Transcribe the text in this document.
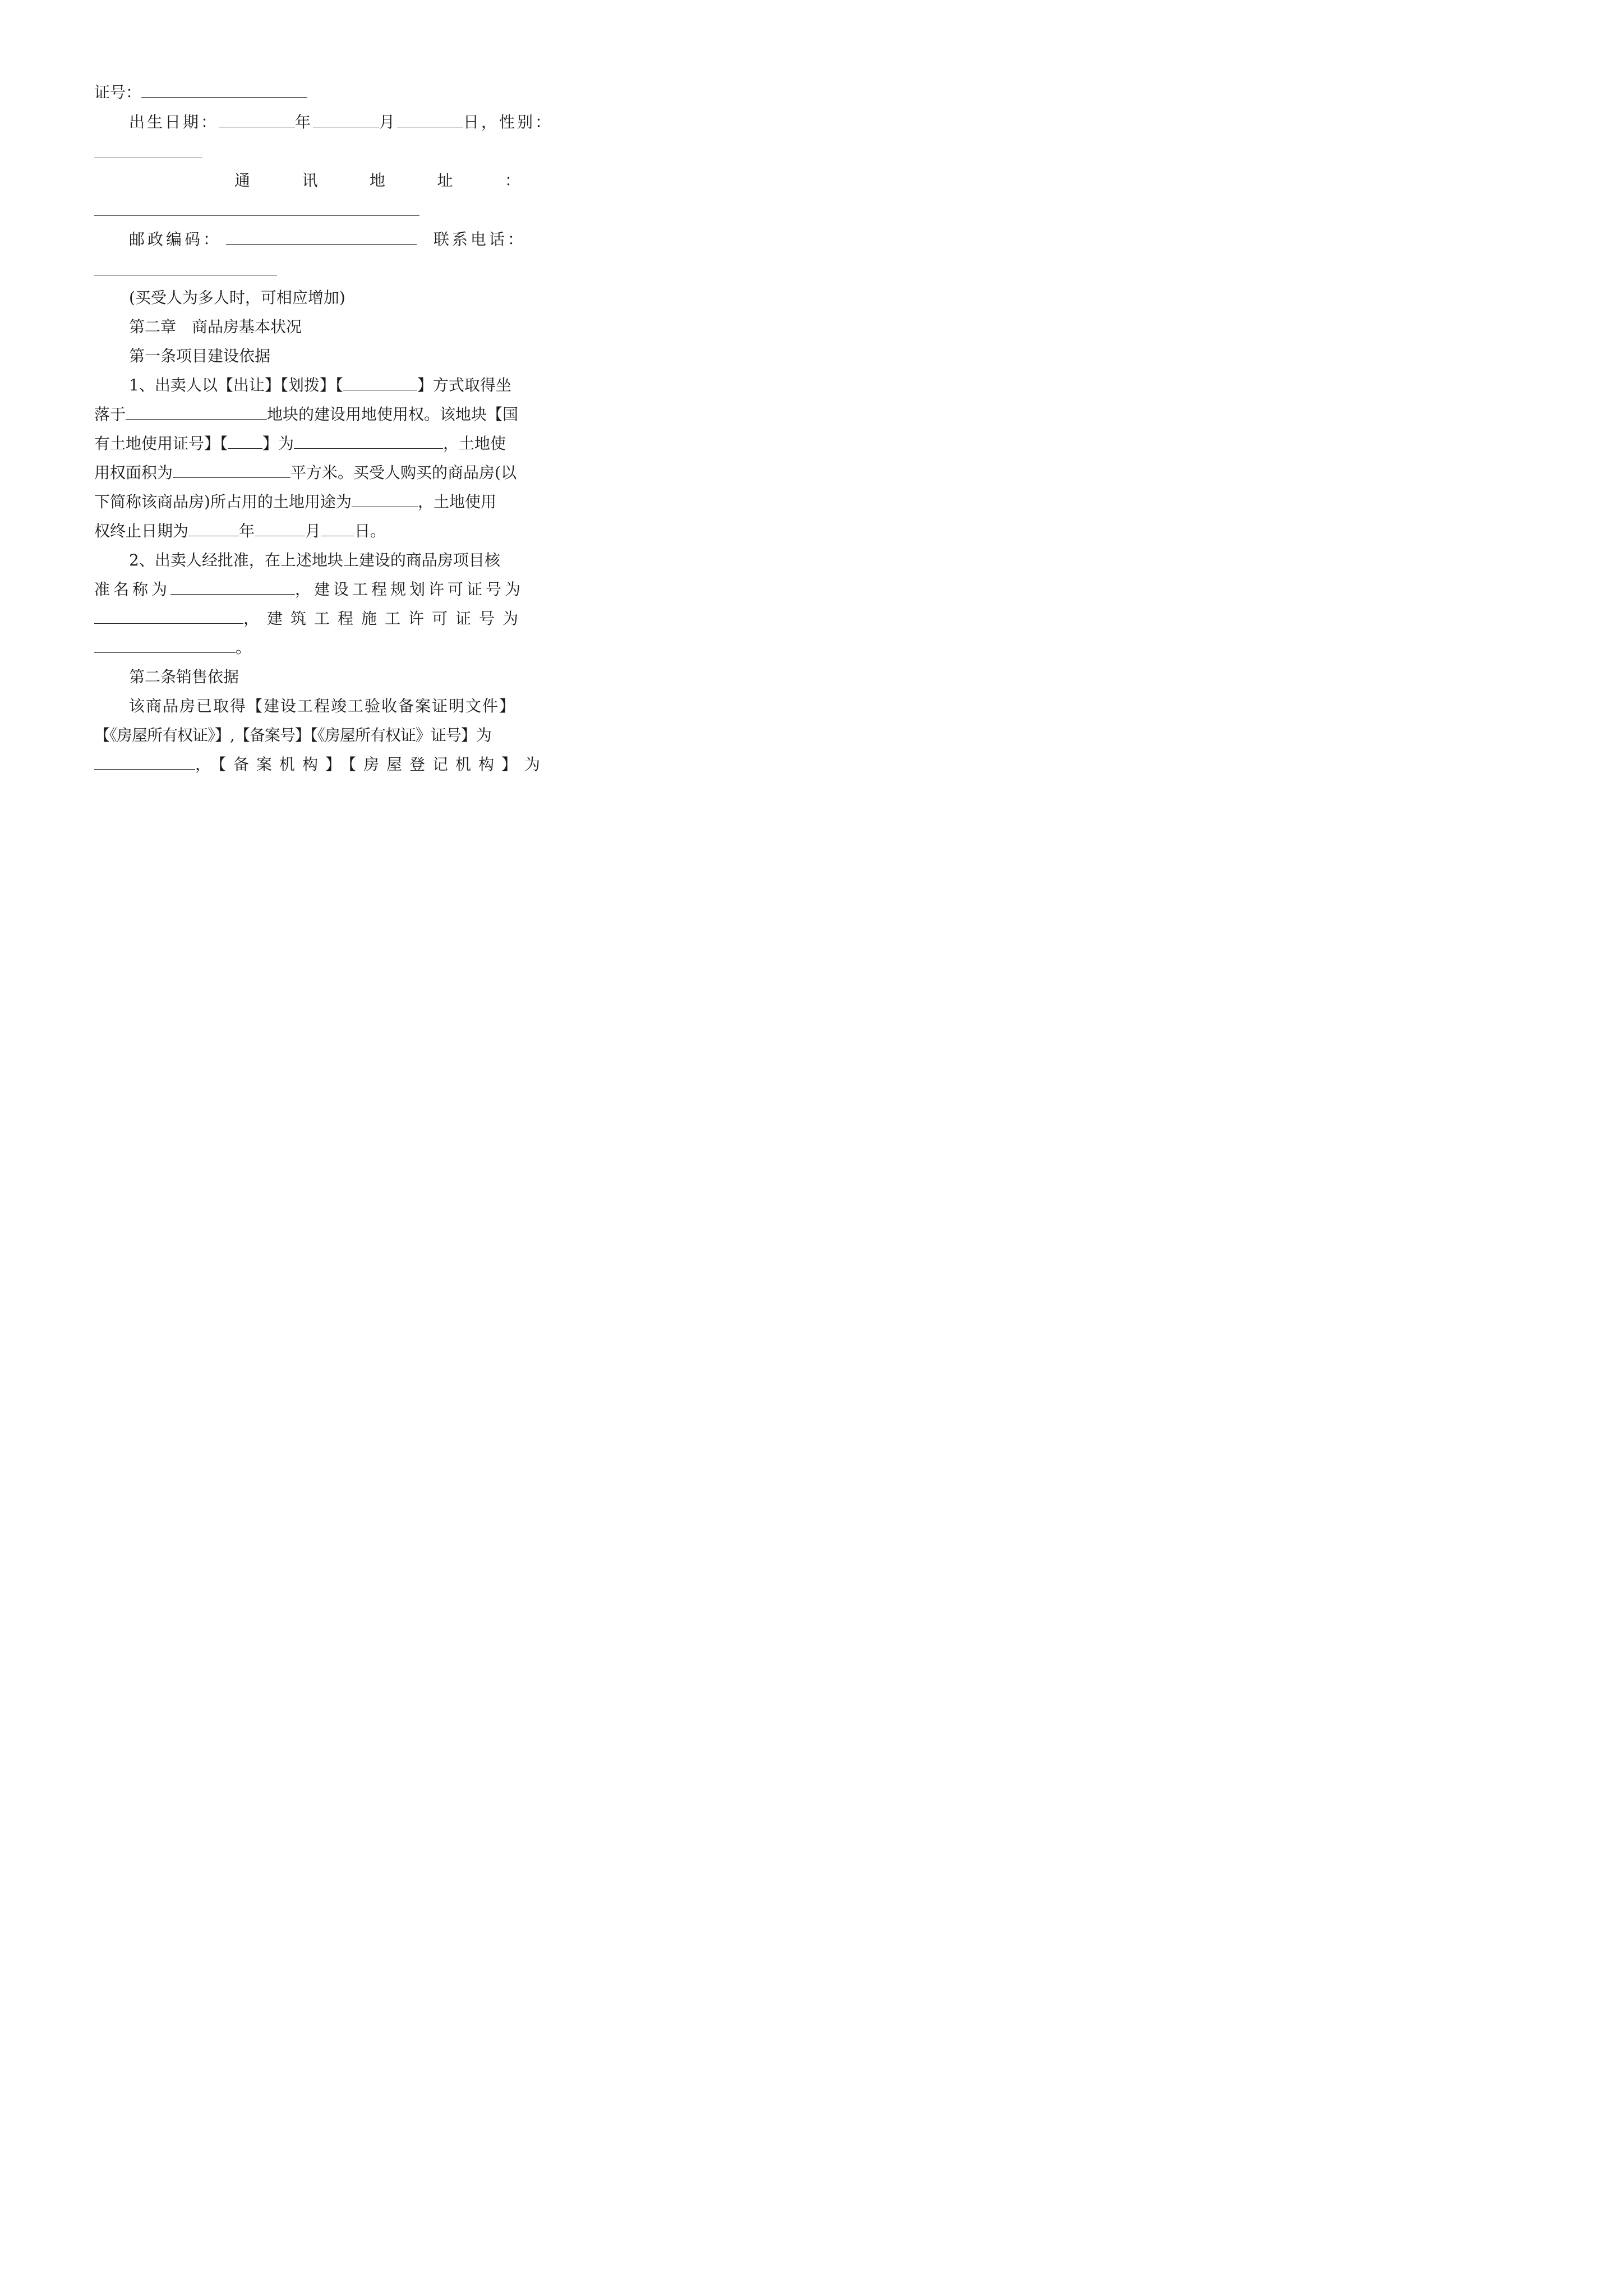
证号：
出生日期：	年	月	日，性别：
通	讯	地	址	：
邮政编码：	联系电话：
(买受人为多人时，可相应增加)
第二章　商品房基本状况
第一条项目建设依据
1、出卖人以【出让】【划拨】【	】方式取得坐
落于	地块的建设用地使用权。该地块【国
有土地使用证号】【 】为	，土地使
用权面积为	平方米。买受人购买的商品房(以
下简称该商品房)所占用的土地用途为	，土地使用
权终止日期为	年	月 日。
2、出卖人经批准，在上述地块上建设的商品房项目核
准名称为	，建设工程规划许可证号为
，建筑工程施工许可证号为
。
第二条销售依据
该商品房已取得【建设工程竣工验收备案证明文件】
【《房屋所有权证》】,【备案号】【《房屋所有权证》证号】为
，【备案机构】【房屋登记机构】为
